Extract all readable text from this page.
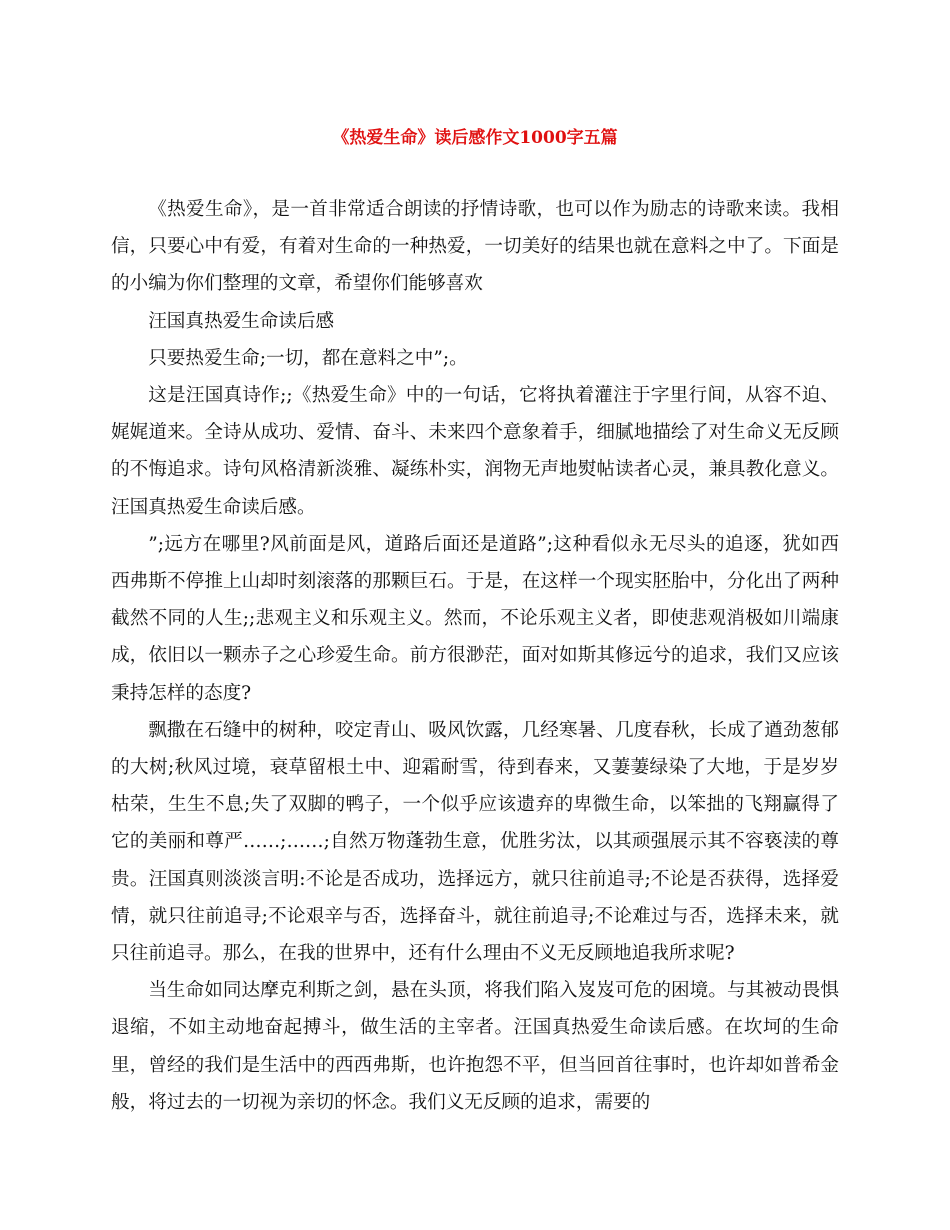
《热爱生命》读后感作文1000字五篇

《热爱生命》，是一首非常适合朗读的抒情诗歌，也可以作为励志的诗歌来读。我相信，只要心中有爱，有着对生命的一种热爱，一切美好的结果也就在意料之中了。下面是的小编为你们整理的文章，希望你们能够喜欢

汪国真热爱生命读后感

只要热爱生命;一切，都在意料之中”;。

这是汪国真诗作;;《热爱生命》中的一句话，它将执着灌注于字里行间，从容不迫、娓娓道来。全诗从成功、爱情、奋斗、未来四个意象着手，细腻地描绘了对生命义无反顾的不悔追求。诗句风格清新淡雅、凝练朴实，润物无声地熨帖读者心灵，兼具教化意义。汪国真热爱生命读后感。

”;远方在哪里?风前面是风，道路后面还是道路”;这种看似永无尽头的追逐，犹如西西弗斯不停推上山却时刻滚落的那颗巨石。于是，在这样一个现实胚胎中，分化出了两种截然不同的人生;;悲观主义和乐观主义。然而，不论乐观主义者，即使悲观消极如川端康成，依旧以一颗赤子之心珍爱生命。前方很渺茫，面对如斯其修远兮的追求，我们又应该秉持怎样的态度?

飘撒在石缝中的树种，咬定青山、吸风饮露，几经寒暑、几度春秋，长成了遒劲葱郁的大树;秋风过境，衰草留根土中、迎霜耐雪，待到春来，又萋萋绿染了大地，于是岁岁枯荣，生生不息;失了双脚的鸭子，一个似乎应该遗弃的卑微生命，以笨拙的飞翔赢得了它的美丽和尊严……;……;自然万物蓬勃生意，优胜劣汰，以其顽强展示其不容亵渎的尊贵。汪国真则淡淡言明:不论是否成功，选择远方，就只往前追寻;不论是否获得，选择爱情，就只往前追寻;不论艰辛与否，选择奋斗，就往前追寻;不论难过与否，选择未来，就只往前追寻。那么，在我的世界中，还有什么理由不义无反顾地追我所求呢?

当生命如同达摩克利斯之剑，悬在头顶，将我们陷入岌岌可危的困境。与其被动畏惧退缩，不如主动地奋起搏斗，做生活的主宰者。汪国真热爱生命读后感。在坎坷的生命里，曾经的我们是生活中的西西弗斯，也许抱怨不平，但当回首往事时，也许却如普希金般，将过去的一切视为亲切的怀念。我们义无反顾的追求，需要的
